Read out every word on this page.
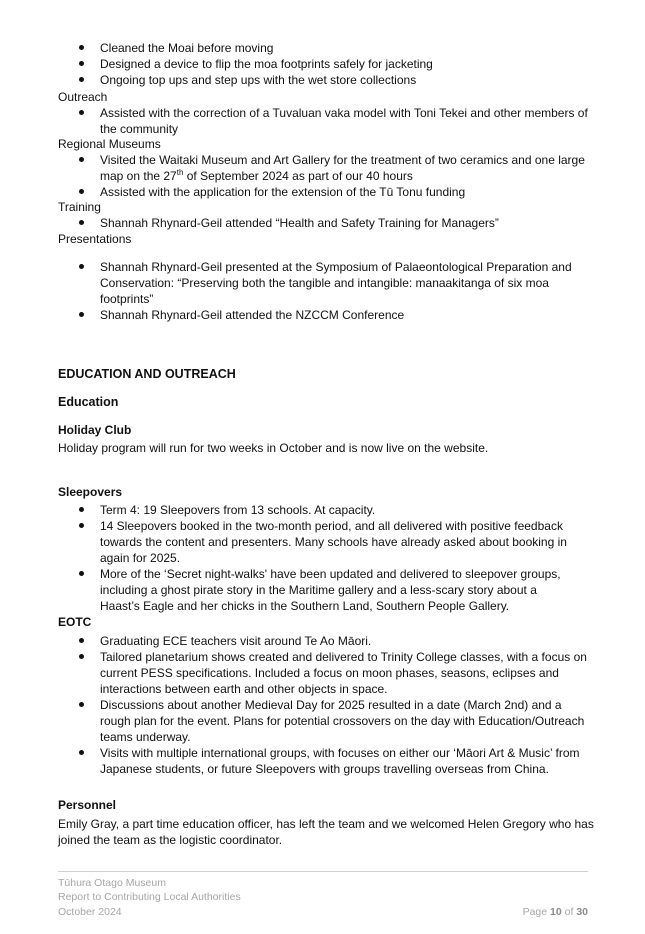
Cleaned the Moai before moving
Designed a device to flip the moa footprints safely for jacketing
Ongoing top ups and step ups with the wet store collections
Outreach
Assisted with the correction of a Tuvaluan vaka model with Toni Tekei and other members of the community
Regional Museums
Visited the Waitaki Museum and Art Gallery for the treatment of two ceramics and one large map on the 27th of September 2024 as part of our 40 hours
Assisted with the application for the extension of the Tū Tonu funding
Training
Shannah Rhynard-Geil attended “Health and Safety Training for Managers”
Presentations
Shannah Rhynard-Geil presented at the Symposium of Palaeontological Preparation and Conservation: “Preserving both the tangible and intangible: manaakitanga of six moa footprints”
Shannah Rhynard-Geil attended the NZCCM Conference
EDUCATION AND OUTREACH
Education
Holiday Club
Holiday program will run for two weeks in October and is now live on the website.
Sleepovers
Term 4: 19 Sleepovers from 13 schools. At capacity.
14 Sleepovers booked in the two-month period, and all delivered with positive feedback towards the content and presenters. Many schools have already asked about booking in again for 2025.
More of the ‘Secret night-walks' have been updated and delivered to sleepover groups, including a ghost pirate story in the Maritime gallery and a less-scary story about a Haast’s Eagle and her chicks in the Southern Land, Southern People Gallery.
EOTC
Graduating ECE teachers visit around Te Ao Māori.
Tailored planetarium shows created and delivered to Trinity College classes, with a focus on current PESS specifications. Included a focus on moon phases, seasons, eclipses and interactions between earth and other objects in space.
Discussions about another Medieval Day for 2025 resulted in a date (March 2nd) and a rough plan for the event. Plans for potential crossovers on the day with Education/Outreach teams underway.
Visits with multiple international groups, with focuses on either our ‘Māori Art & Music’ from Japanese students, or future Sleepovers with groups travelling overseas from China.
Personnel
Emily Gray, a part time education officer, has left the team and we welcomed Helen Gregory who has joined the team as the logistic coordinator.
Tūhura Otago Museum
Report to Contributing Local Authorities
October 2024	Page 10 of 30
